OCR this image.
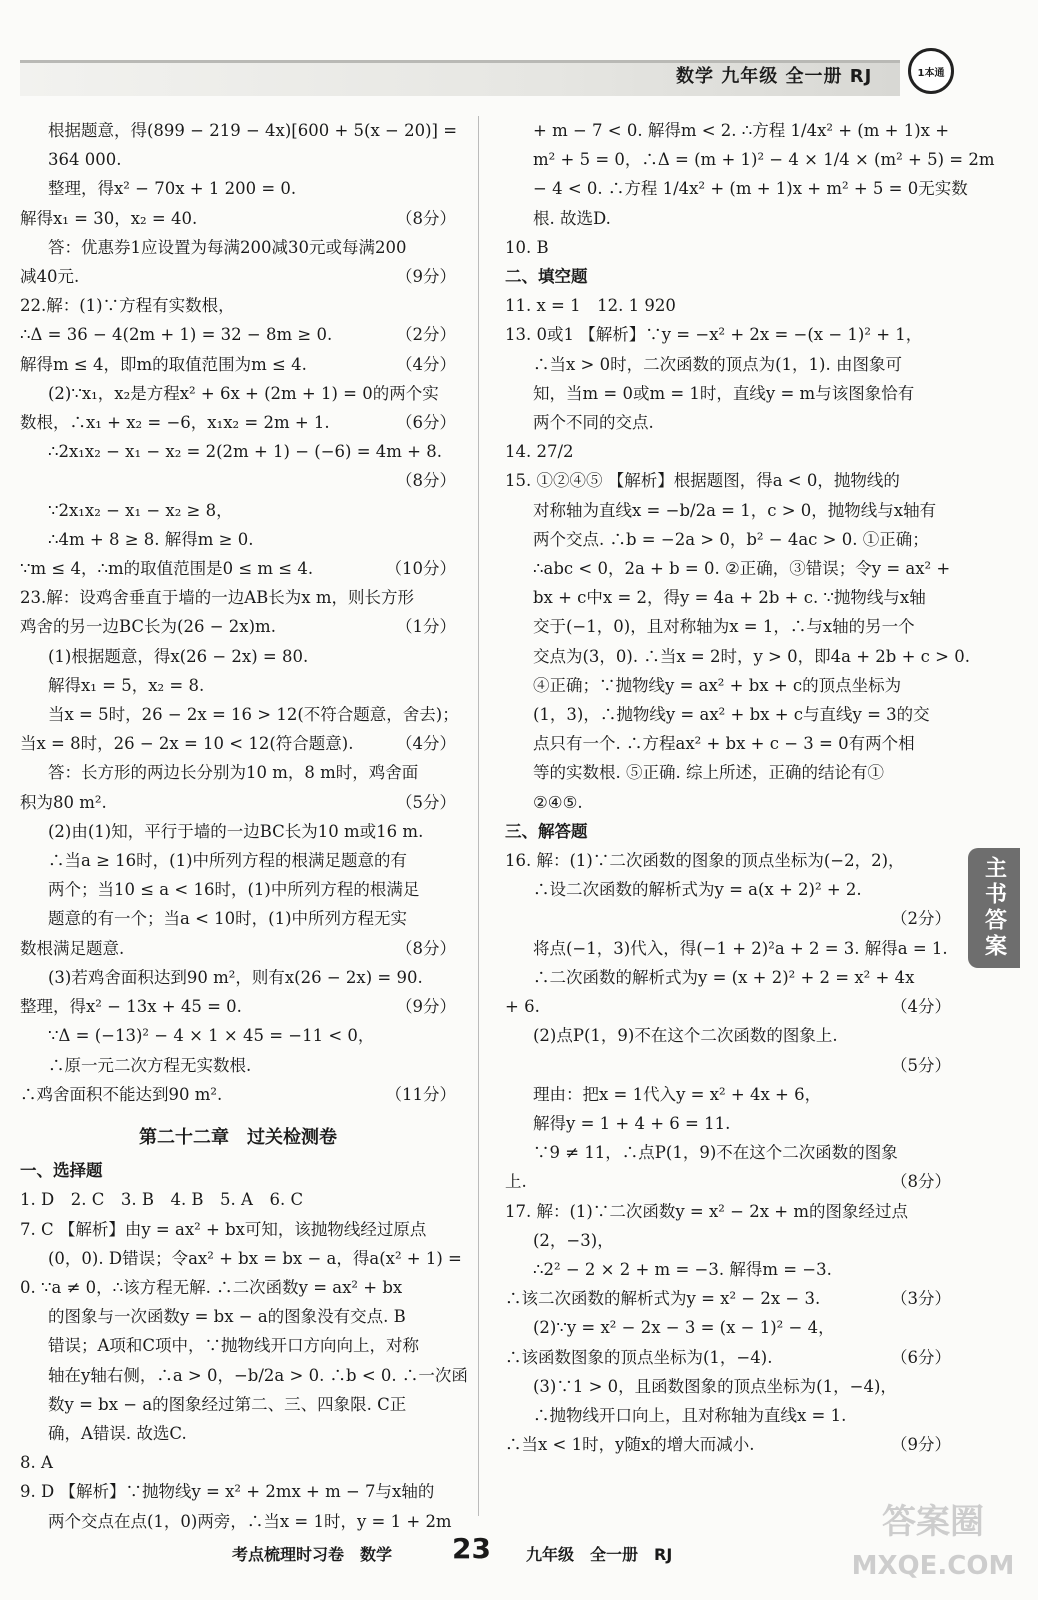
数学 九年级 全一册 RJ	1本通
根据题意，得(899 − 219 − 4x)[600 + 5(x − 20)] =
364 000.
整理，得x² − 70x + 1 200 = 0.
解得x₁ = 30，x₂ = 40.	（8分）
答：优惠券1应设置为每满200减30元或每满200
减40元.	（9分）
22.解：(1)∵方程有实数根，
∴Δ = 36 − 4(2m + 1) = 32 − 8m ≥ 0.	（2分）
解得m ≤ 4，即m的取值范围为m ≤ 4.	（4分）
(2)∵x₁，x₂是方程x² + 6x + (2m + 1) = 0的两个实
数根，∴x₁ + x₂ = −6，x₁x₂ = 2m + 1.	（6分）
∴2x₁x₂ − x₁ − x₂ = 2(2m + 1) − (−6) = 4m + 8.
（8分）
∵2x₁x₂ − x₁ − x₂ ≥ 8，
∴4m + 8 ≥ 8. 解得m ≥ 0.
∵m ≤ 4，∴m的取值范围是0 ≤ m ≤ 4.	（10分）
23.解：设鸡舍垂直于墙的一边AB长为x m，则长方形
鸡舍的另一边BC长为(26 − 2x)m.	（1分）
(1)根据题意，得x(26 − 2x) = 80.
解得x₁ = 5，x₂ = 8.
当x = 5时，26 − 2x = 16 > 12(不符合题意，舍去)；
当x = 8时，26 − 2x = 10 < 12(符合题意).	（4分）
答：长方形的两边长分别为10 m，8 m时，鸡舍面
积为80 m².	（5分）
(2)由(1)知，平行于墙的一边BC长为10 m或16 m.
∴当a ≥ 16时，(1)中所列方程的根满足题意的有
两个；当10 ≤ a < 16时，(1)中所列方程的根满足
题意的有一个；当a < 10时，(1)中所列方程无实
数根满足题意.	（8分）
(3)若鸡舍面积达到90 m²，则有x(26 − 2x) = 90.
整理，得x² − 13x + 45 = 0.	（9分）
∵Δ = (−13)² − 4 × 1 × 45 = −11 < 0，
∴原一元二次方程无实数根.
∴鸡舍面积不能达到90 m².	（11分）
第二十二章　过关检测卷
一、选择题
1. D　2. C　3. B　4. B　5. A　6. C
7. C 【解析】由y = ax² + bx可知，该抛物线经过原点
(0，0). D错误；令ax² + bx = bx − a，得a(x² + 1) =
0. ∵a ≠ 0，∴该方程无解. ∴二次函数y = ax² + bx
的图象与一次函数y = bx − a的图象没有交点. B
错误；A项和C项中，∵抛物线开口方向向上，对称
轴在y轴右侧，∴a > 0，−b/2a > 0. ∴b < 0. ∴一次函
数y = bx − a的图象经过第二、三、四象限. C正
确，A错误. 故选C.
8. A
9. D 【解析】∵抛物线y = x² + 2mx + m − 7与x轴的
两个交点在点(1，0)两旁，∴当x = 1时，y = 1 + 2m
+ m − 7 < 0. 解得m < 2. ∴方程 1/4x² + (m + 1)x +
m² + 5 = 0，∴Δ = (m + 1)² − 4 × 1/4 × (m² + 5) = 2m
− 4 < 0. ∴方程 1/4x² + (m + 1)x + m² + 5 = 0无实数
根. 故选D.
10. B
二、填空题
11. x = 1　12. 1 920
13. 0或1 【解析】∵y = −x² + 2x = −(x − 1)² + 1，
∴当x > 0时，二次函数的顶点为(1，1). 由图象可
知，当m = 0或m = 1时，直线y = m与该图象恰有
两个不同的交点.
14. 27/2
15. ①②④⑤ 【解析】根据题图，得a < 0，抛物线的
对称轴为直线x = −b/2a = 1，c > 0，抛物线与x轴有
两个交点. ∴b = −2a > 0，b² − 4ac > 0. ①正确；
∴abc < 0，2a + b = 0. ②正确，③错误；令y = ax² +
bx + c中x = 2，得y = 4a + 2b + c. ∵抛物线与x轴
交于(−1，0)，且对称轴为x = 1，∴与x轴的另一个
交点为(3，0). ∴当x = 2时，y > 0，即4a + 2b + c > 0.
④正确；∵抛物线y = ax² + bx + c的顶点坐标为
(1，3)，∴抛物线y = ax² + bx + c与直线y = 3的交
点只有一个. ∴方程ax² + bx + c − 3 = 0有两个相
等的实数根. ⑤正确. 综上所述，正确的结论有①
②④⑤.
三、解答题
16. 解：(1)∵二次函数的图象的顶点坐标为(−2，2)，
∴设二次函数的解析式为y = a(x + 2)² + 2.
（2分）
将点(−1，3)代入，得(−1 + 2)²a + 2 = 3. 解得a = 1.
∴二次函数的解析式为y = (x + 2)² + 2 = x² + 4x
+ 6.	（4分）
(2)点P(1，9)不在这个二次函数的图象上.
（5分）
理由：把x = 1代入y = x² + 4x + 6，
解得y = 1 + 4 + 6 = 11.
∵9 ≠ 11，∴点P(1，9)不在这个二次函数的图象
上.	（8分）
17. 解：(1)∵二次函数y = x² − 2x + m的图象经过点
(2，−3)，
∴2² − 2 × 2 + m = −3. 解得m = −3.
∴该二次函数的解析式为y = x² − 2x − 3.	（3分）
(2)∵y = x² − 2x − 3 = (x − 1)² − 4，
∴该函数图象的顶点坐标为(1，−4).	（6分）
(3)∵1 > 0，且函数图象的顶点坐标为(1，−4)，
∴抛物线开口向上，且对称轴为直线x = 1.
∴当x < 1时，y随x的增大而减小.	（9分）
主书答案
考点梳理时习卷　数学 23 九年级　全一册　RJ
答案圈
MXQE.COM
